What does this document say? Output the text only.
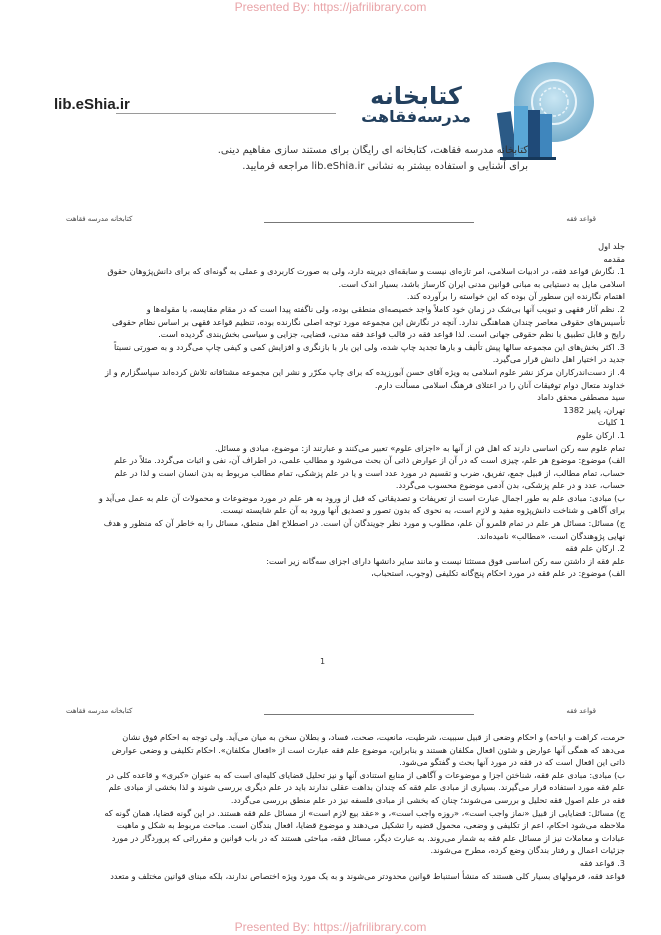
Presented By: https://jafrilibrary.com
lib.eShia.ir	کتابخانه
مدرسه‌فقاهت
کتابخانه مدرسه فقاهت، کتابخانه ای رایگان برای مستند سازی مفاهیم دینی.
برای آشنایی و استفاده بیشتر به نشانی lib.eShia.ir مراجعه فرمایید.
قواعد فقه
کتابخانه مدرسه فقاهت

جلد اول

مقدمه

1. نگارش قواعد فقه، در ادبیات اسلامی، امر تازه‌ای نیست و سابقه‌ای دیرینه دارد، ولی به صورت کاربردی و عملی به گونه‌ای که برای دانش‌پژوهان حقوق

اسلامی مایل به دستیابی به مبانی قوانین مدنی ایران کارساز باشد، بسیار اندک است.

اهتمام نگارنده این سطور آن بوده که این خواسته را برآورده کند.

2. نظم آثار فقهی و تبویب آنها بی‌شک در زمان خود کاملاً واجد خصیصه‌ای منطقی بوده، ولی ناگفته پیدا است که در مقام مقایسه، با مقوله‌ها و

تأسیس‌های حقوقی معاصر چندان هماهنگی ندارد. آنچه در نگارش این مجموعه مورد توجه اصلی نگارنده بوده، تنظیم قواعد فقهی بر اساس نظام حقوقی

رایج و قابل تطبیق با نظم حقوقی جهانی است. لذا قواعد فقه در قالب قواعد فقه مدنی، قضایی، جزایی و سیاسی بخش‌بندی گردیده است.

3. اکثر بخش‌های این مجموعه سالها پیش تألیف و بارها تجدید چاپ شده، ولی این بار با بازنگری و افزایش کمی و کیفی چاپ می‌گردد و به صورتی نسبتاً

جدید در اختیار اهل دانش قرار می‌گیرد.

4. از دست‌اندرکاران مرکز نشر علوم اسلامی به ویژه آقای حسن آبورزیده که برای چاپ مکرّر و نشر این مجموعه مشتاقانه تلاش کرده‌اند سپاسگزارم و از

خداوند متعال دوام توفیقات آنان را در اعتلای فرهنگ اسلامی مسألت دارم.

سید مصطفی محقق داماد

تهران، پاییز 1382

1 کلیات

1. ارکان علوم

تمام علوم سه رکن اساسی دارند که اهل فن از آنها به «اجزای علوم» تعبیر می‌کنند و عبارتند از: موضوع، مبادی و مسائل.

الف) موضوع: موضوع هر علم، چیزی است که در آن از عوارض ذاتی آن بحث می‌شود و مطالب علمی، در اطراف آن، نفی و اثبات می‌گردد. مثلاً در علم

حساب، تمام مطالب، از قبیل جمع، تفریق، ضرب و تقسیم در مورد عدد است و یا در علم پزشکی، تمام مطالب مربوط به بدن انسان است و لذا در علم

حساب، عدد و در علم پزشکی، بدن آدمی موضوع محسوب می‌گردد.

ب) مبادی: مبادی علم به طور اجمال عبارت است از تعریفات و تصدیقاتی که قبل از ورود به هر علم در مورد موضوعات و محمولات آن علم به عمل می‌آید و

برای آگاهی و شناخت دانش‌پژوه مفید و لازم است، به نحوی که بدون تصور و تصدیق آنها ورود به آن علم شایسته نیست.

ج) مسائل: مسائل هر علم در تمام قلمرو آن علم، مطلوب و مورد نظر جویندگان آن است. در اصطلاح اهل منطق، مسائل را به خاطر آن که منظور و هدف

نهایی پژوهندگان است، «مطالب» نامیده‌اند.

2. ارکان علم فقه

علم فقه از داشتن سه رکن اساسی فوق مستثنا نیست و مانند سایر دانشها دارای اجزای سه‌گانه زیر است:

الف) موضوع: در علم فقه در مورد احکام پنج‌گانه تکلیفی (وجوب، استحباب،

1
قواعد فقه
کتابخانه مدرسه فقاهت

حرمت، کراهت و اباحه) و احکام وضعی از قبیل سببیت، شرطیت، مانعیت، صحت، فساد، و بطلان سخن به میان می‌آید. ولی توجه به احکام فوق نشان

می‌دهد که همگی آنها عوارض و شئون افعال مکلفان هستند و بنابراین، موضوع علم فقه عبارت است از «افعال مکلفان». احکام تکلیفی و وضعی عوارض

ذاتی این افعال است که در فقه در مورد آنها بحث و گفتگو می‌شود.

ب) مبادی: مبادی علم فقه، شناختن اجزا و موضوعات و آگاهی از منابع استنادی آنها و نیز تحلیل قضایای کلیه‌ای است که به عنوان «کبری» و قاعده کلی در

علم فقه مورد استفاده قرار می‌گیرند. بسیاری از مبادی علم فقه که چندان بداهت عقلی ندارند باید در علم دیگری بررسی شوند و لذا بخشی از مبادی علم

فقه در علم اصول فقه تحلیل و بررسی می‌شوند؛ چنان که بخشی از مبادی فلسفه نیز در علم منطق بررسی می‌گردد.

ج) مسائل: قضایایی از قبیل «نماز واجب است»، «روزه واجب است»، و «عقد بیع لازم است» از مسائل علم فقه هستند. در این گونه قضایا، همان گونه که

ملاحظه می‌شود احکام، اعم از تکلیفی و وضعی، محمول قضیه را تشکیل می‌دهند و موضوع قضایا، افعال بندگان است. مباحث مربوط به شکل و ماهیت

عبادات و معاملات نیز از مسائل علم فقه به شمار می‌روند. به عبارت دیگر، مسائل فقه، مباحثی هستند که در باب قوانین و مقرراتی که پروردگار در مورد

جزئیات اعمال و رفتار بندگان وضع کرده، مطرح می‌شوند.

3. قواعد فقه

قواعد فقه، فرمولهای بسیار کلی هستند که منشأ استنباط قوانین محدودتر می‌شوند و به یک مورد ویژه اختصاص ندارند، بلکه مبنای قوانین مختلف و متعدد

Presented By: https://jafrilibrary.com
